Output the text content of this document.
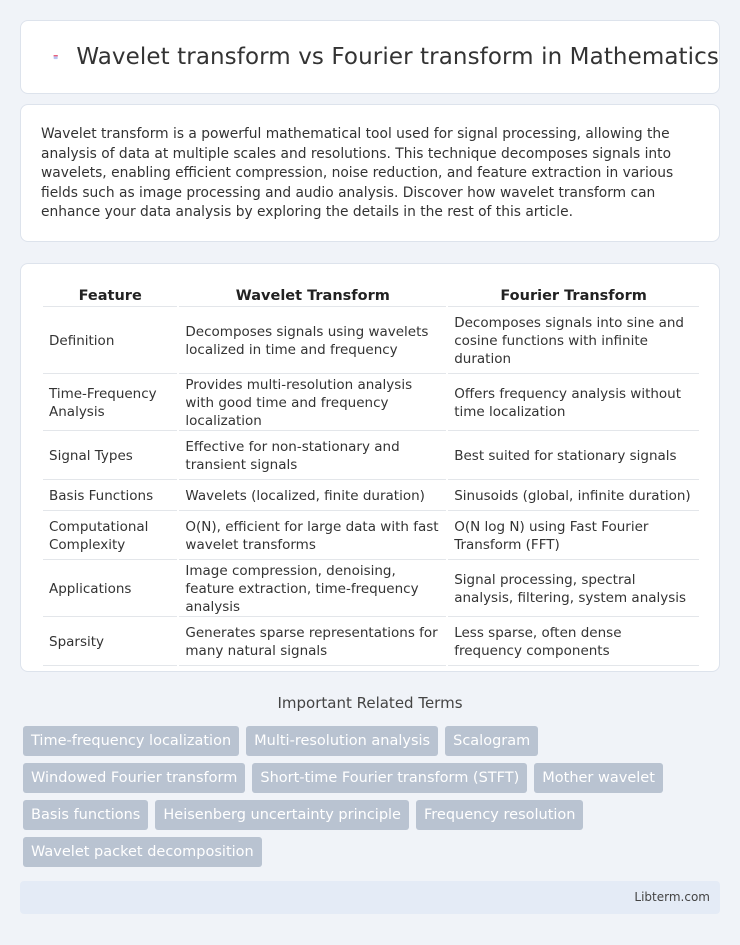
Wavelet transform vs Fourier transform in Mathematics

Wavelet transform is a powerful mathematical tool used for signal processing, allowing the analysis of data at multiple scales and resolutions. This technique decomposes signals into wavelets, enabling efficient compression, noise reduction, and feature extraction in various fields such as image processing and audio analysis. Discover how wavelet transform can enhance your data analysis by exploring the details in the rest of this article.

Feature	Wavelet Transform	Fourier Transform
Definition	Decomposes signals using wavelets localized in time and frequency	Decomposes signals into sine and cosine functions with infinite duration
Time-Frequency Analysis	Provides multi-resolution analysis with good time and frequency localization	Offers frequency analysis without time localization
Signal Types	Effective for non-stationary and transient signals	Best suited for stationary signals
Basis Functions	Wavelets (localized, finite duration)	Sinusoids (global, infinite duration)
Computational Complexity	O(N), efficient for large data with fast wavelet transforms	O(N log N) using Fast Fourier Transform (FFT)
Applications	Image compression, denoising, feature extraction, time-frequency analysis	Signal processing, spectral analysis, filtering, system analysis
Sparsity	Generates sparse representations for many natural signals	Less sparse, often dense frequency components
Important Related Terms
Time-frequency localization	Multi-resolution analysis	Scalogram
Windowed Fourier transform	Short-time Fourier transform (STFT)	Mother wavelet
Basis functions	Heisenberg uncertainty principle	Frequency resolution
Wavelet packet decomposition
Libterm.com
